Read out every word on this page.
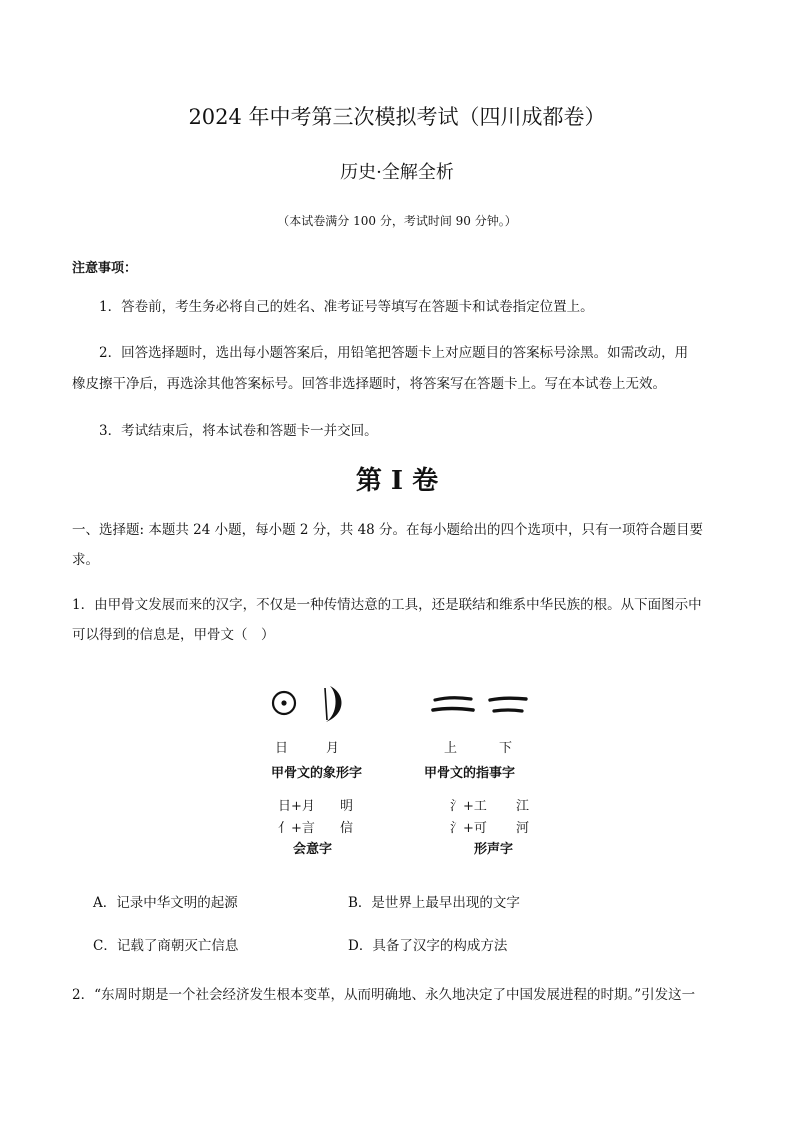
2024 年中考第三次模拟考试（四川成都卷）
历史·全解全析
（本试卷满分 100 分，考试时间 90 分钟。）
注意事项：
1．答卷前，考生务必将自己的姓名、准考证号等填写在答题卡和试卷指定位置上。
2．回答选择题时，选出每小题答案后，用铅笔把答题卡上对应题目的答案标号涂黑。如需改动，用
橡皮擦干净后，再选涂其他答案标号。回答非选择题时，将答案写在答题卡上。写在本试卷上无效。
3．考试结束后，将本试卷和答题卡一并交回。
第 I 卷
一、选择题: 本题共 24 小题，每小题 2 分，共 48 分。在每小题给出的四个选项中，只有一项符合题目要
求。
1．由甲骨文发展而来的汉字，不仅是一种传情达意的工具，还是联结和维系中华民族的根。从下面图示中
可以得到的信息是，甲骨文（　）
日	月	上	下
甲骨文的象形字	甲骨文的指事字
日+月 明
亻+言 信
氵+工 江
氵+可 河
会意字	形声字
A．记录中华文明的起源	B．是世界上最早出现的文字
C．记载了商朝灭亡信息	D．具备了汉字的构成方法
2．“东周时期是一个社会经济发生根本变革，从而明确地、永久地决定了中国发展进程的时期。”引发这一
